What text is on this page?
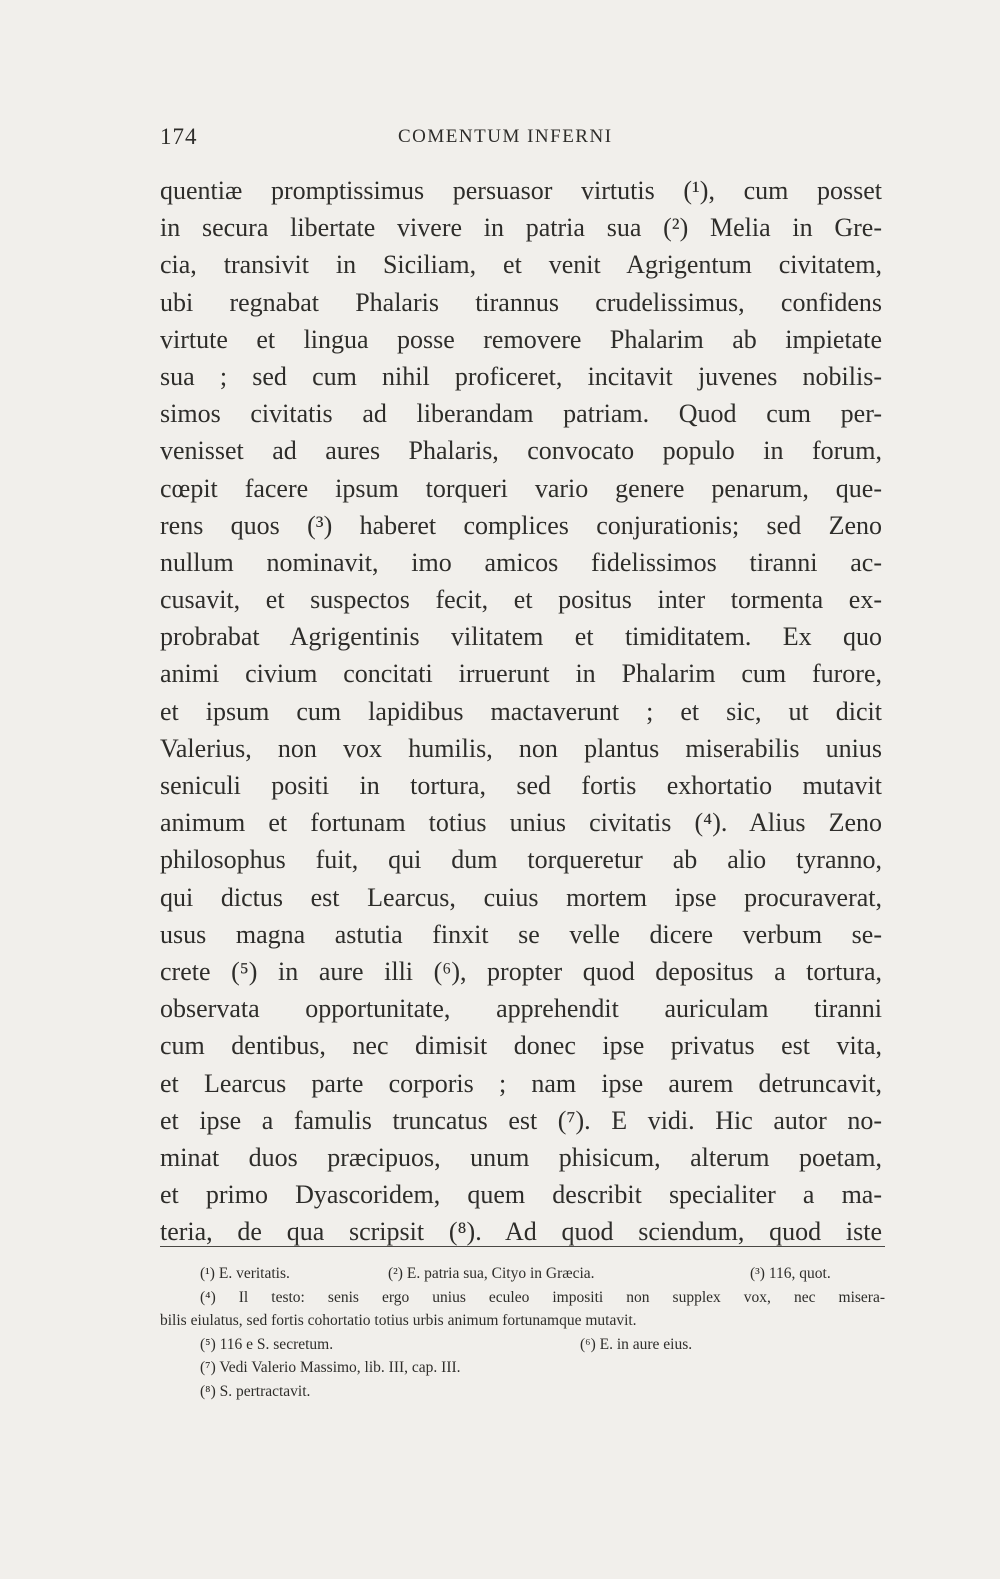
174	COMENTUM INFERNI
quentiæ promptissimus persuasor virtutis (¹), cum posset
in secura libertate vivere in patria sua (²) Melia in Gre-
cia, transivit in Siciliam, et venit Agrigentum civitatem,
ubi regnabat Phalaris tirannus crudelissimus, confidens
virtute et lingua posse removere Phalarim ab impietate
sua ; sed cum nihil proficeret, incitavit juvenes nobilis-
simos civitatis ad liberandam patriam. Quod cum per-
venisset ad aures Phalaris, convocato populo in forum,
cœpit facere ipsum torqueri vario genere penarum, que-
rens quos (³) haberet complices conjurationis; sed Zeno
nullum nominavit, imo amicos fidelissimos tiranni ac-
cusavit, et suspectos fecit, et positus inter tormenta ex-
probrabat Agrigentinis vilitatem et timiditatem. Ex quo
animi civium concitati irruerunt in Phalarim cum furore,
et ipsum cum lapidibus mactaverunt ; et sic, ut dicit
Valerius, non vox humilis, non plantus miserabilis unius
seniculi positi in tortura, sed fortis exhortatio mutavit
animum et fortunam totius unius civitatis (⁴). Alius Zeno
philosophus fuit, qui dum torqueretur ab alio tyranno,
qui dictus est Learcus, cuius mortem ipse procuraverat,
usus magna astutia finxit se velle dicere verbum se-
crete (⁵) in aure illi (⁶), propter quod depositus a tortura,
observata opportunitate, apprehendit auriculam tiranni
cum dentibus, nec dimisit donec ipse privatus est vita,
et Learcus parte corporis ; nam ipse aurem detruncavit,
et ipse a famulis truncatus est (⁷). E vidi. Hic autor no-
minat duos præcipuos, unum phisicum, alterum poetam,
et primo Dyascoridem, quem describit specialiter a ma-
teria, de qua scripsit (⁸). Ad quod sciendum, quod iste
(¹) E. veritatis.	(²) E. patria sua, Cityo in Græcia.	(³) 116, quot.
(⁴) Il testo: senis ergo unius eculeo impositi non supplex vox, nec misera-
bilis eiulatus, sed fortis cohortatio totius urbis animum fortunamque mutavit.
(⁵) 116 e S. secretum.	(⁶) E. in aure eius.
(⁷) Vedi Valerio Massimo, lib. III, cap. III.
(⁸) S. pertractavit.
